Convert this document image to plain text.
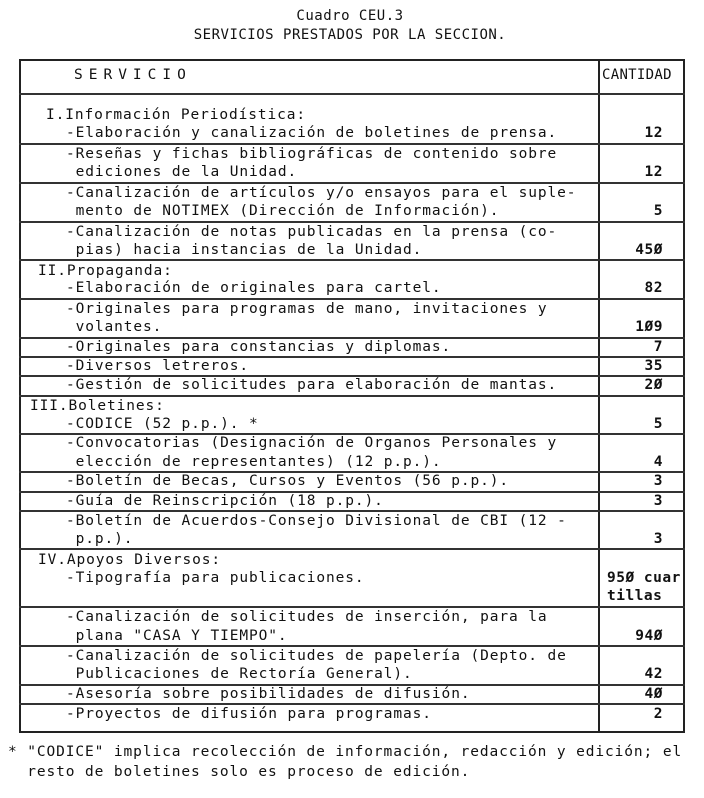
Cuadro CEU.3
SERVICIOS PRESTADOS POR LA SECCION.
SERVICIO	CANTIDAD
I.Información Periodística:
-Elaboración y canalización de boletines de prensa.	12
-Reseñas y fichas bibliográficas de contenido sobre
ediciones de la Unidad.	12
-Canalización de artículos y/o ensayos para el suple-
mento de NOTIMEX (Dirección de Información).	5
-Canalización de notas publicadas en la prensa (co-
pias) hacia instancias de la Unidad.	45Ø
II.Propaganda:
-Elaboración de originales para cartel.	82
-Originales para programas de mano, invitaciones y
volantes.	1Ø9
-Originales para constancias y diplomas.	7
-Diversos letreros.	35
-Gestión de solicitudes para elaboración de mantas.	2Ø
III.Boletines:
-CODICE (52 p.p.). *	5
-Convocatorias (Designación de Organos Personales y
elección de representantes) (12 p.p.).	4
-Boletín de Becas, Cursos y Eventos (56 p.p.).	3
-Guía de Reinscripción (18 p.p.).	3
-Boletín de Acuerdos-Consejo Divisional de CBI (12 -
p.p.).	3
IV.Apoyos Diversos:
-Tipografía para publicaciones.	95Ø cuar
tillas
-Canalización de solicitudes de inserción, para la
plana "CASA Y TIEMPO".	94Ø
-Canalización de solicitudes de papelería (Depto. de
Publicaciones de Rectoría General).	42
-Asesoría sobre posibilidades de difusión.	4Ø
-Proyectos de difusión para programas.	2
* "CODICE" implica recolección de información, redacción y edición; el
resto de boletines solo es proceso de edición.
